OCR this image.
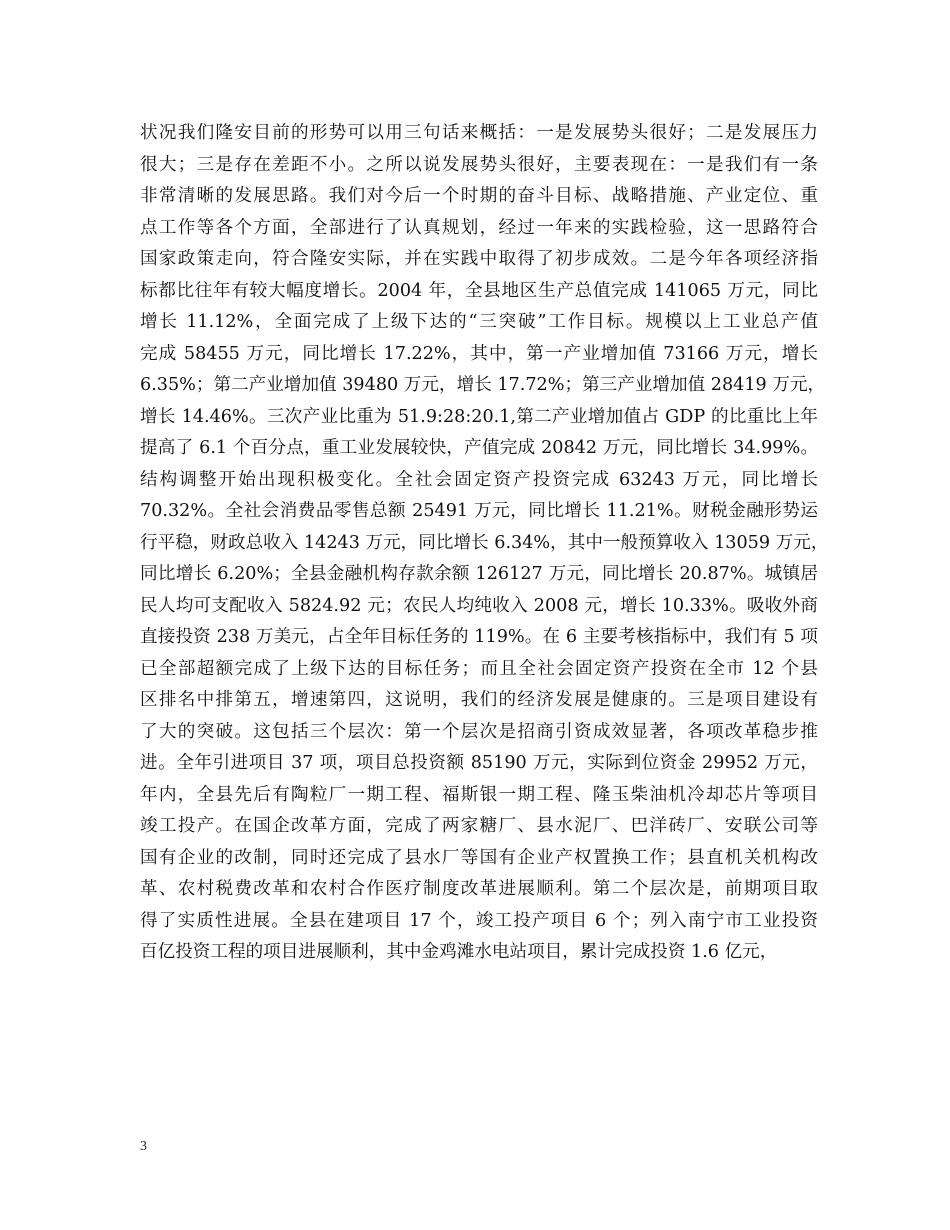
状况我们隆安目前的形势可以用三句话来概括：一是发展势头很好；二是发展压力
很大；三是存在差距不小。之所以说发展势头很好，主要表现在：一是我们有一条
非常清晰的发展思路。我们对今后一个时期的奋斗目标、战略措施、产业定位、重
点工作等各个方面，全部进行了认真规划，经过一年来的实践检验，这一思路符合
国家政策走向，符合隆安实际，并在实践中取得了初步成效。二是今年各项经济指
标都比往年有较大幅度增长。2004 年，全县地区生产总值完成 141065 万元，同比
增长 11.12%，全面完成了上级下达的“三突破”工作目标。规模以上工业总产值
完成 58455 万元，同比增长 17.22%，其中，第一产业增加值 73166 万元，增长
6.35%；第二产业增加值 39480 万元，增长 17.72%；第三产业增加值 28419 万元，
增长 14.46%。三次产业比重为 51.9:28:20.1,第二产业增加值占 GDP 的比重比上年
提高了 6.1 个百分点，重工业发展较快，产值完成 20842 万元，同比增长 34.99%。
结构调整开始出现积极变化。全社会固定资产投资完成 63243 万元，同比增长
70.32%。全社会消费品零售总额 25491 万元，同比增长 11.21%。财税金融形势运
行平稳，财政总收入 14243 万元，同比增长 6.34%，其中一般预算收入 13059 万元，
同比增长 6.20%；全县金融机构存款余额 126127 万元，同比增长 20.87%。城镇居
民人均可支配收入 5824.92 元；农民人均纯收入 2008 元，增长 10.33%。吸收外商
直接投资 238 万美元，占全年目标任务的 119%。在 6 主要考核指标中，我们有 5 项
已全部超额完成了上级下达的目标任务；而且全社会固定资产投资在全市 12 个县
区排名中排第五，增速第四，这说明，我们的经济发展是健康的。三是项目建设有
了大的突破。这包括三个层次：第一个层次是招商引资成效显著，各项改革稳步推
进。全年引进项目 37 项，项目总投资额 85190 万元，实际到位资金 29952 万元，
年内，全县先后有陶粒厂一期工程、福斯银一期工程、隆玉柴油机冷却芯片等项目
竣工投产。在国企改革方面，完成了两家糖厂、县水泥厂、巴洋砖厂、安联公司等
国有企业的改制，同时还完成了县水厂等国有企业产权置换工作；县直机关机构改
革、农村税费改革和农村合作医疗制度改革进展顺利。第二个层次是，前期项目取
得了实质性进展。全县在建项目 17 个，竣工投产项目 6 个；列入南宁市工业投资
百亿投资工程的项目进展顺利，其中金鸡滩水电站项目，累计完成投资 1.6 亿元，
3
